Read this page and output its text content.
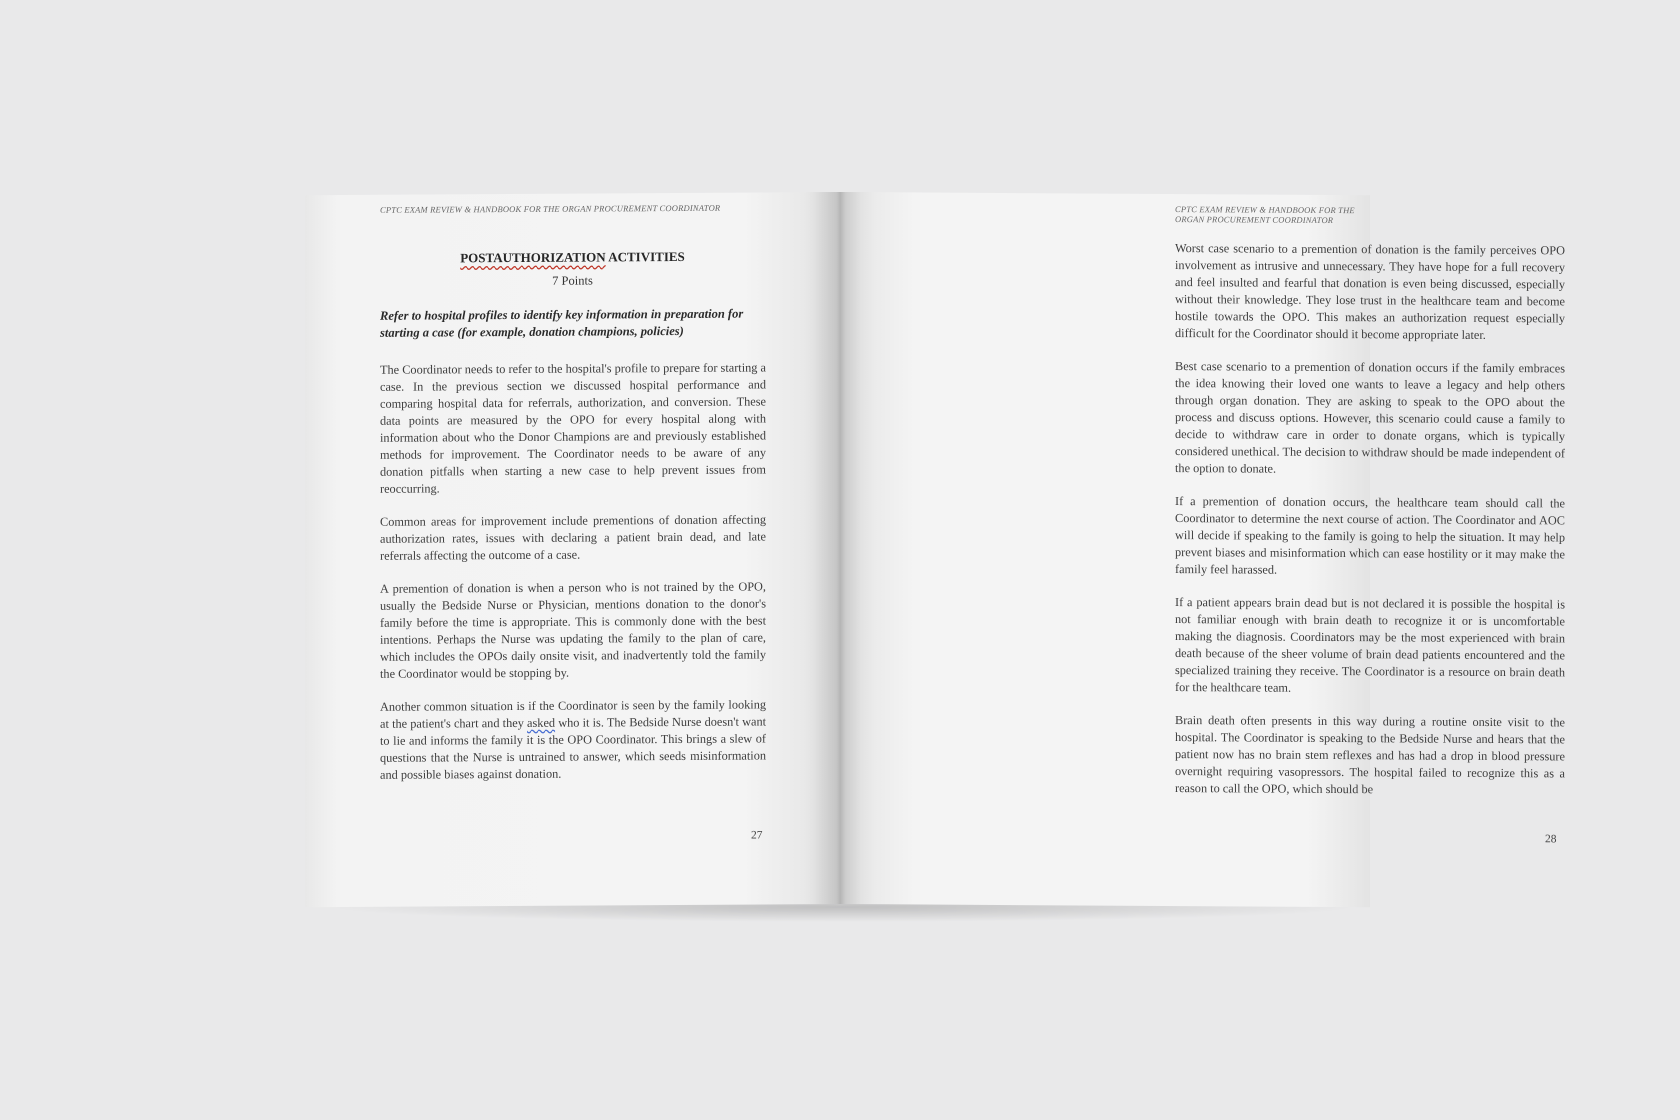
CPTC EXAM REVIEW & HANDBOOK FOR THE ORGAN PROCUREMENT COORDINATOR
POSTAUTHORIZATION ACTIVITIES
7 Points

Refer to hospital profiles to identify key information in preparation for starting a case (for example, donation champions, policies)

The Coordinator needs to refer to the hospital's profile to prepare for starting a case. In the previous section we discussed hospital performance and comparing hospital data for referrals, authorization, and conversion. These data points are measured by the OPO for every hospital along with information about who the Donor Champions are and previously established methods for improvement. The Coordinator needs to be aware of any donation pitfalls when starting a new case to help prevent issues from reoccurring.

Common areas for improvement include prementions of donation affecting authorization rates, issues with declaring a patient brain dead, and late referrals affecting the outcome of a case.

A premention of donation is when a person who is not trained by the OPO, usually the Bedside Nurse or Physician, mentions donation to the donor's family before the time is appropriate. This is commonly done with the best intentions. Perhaps the Nurse was updating the family to the plan of care, which includes the OPOs daily onsite visit, and inadvertently told the family the Coordinator would be stopping by.

Another common situation is if the Coordinator is seen by the family looking at the patient's chart and they asked who it is. The Bedside Nurse doesn't want to lie and informs the family it is the OPO Coordinator. This brings a slew of questions that the Nurse is untrained to answer, which seeds misinformation and possible biases against donation.

27
CPTC EXAM REVIEW & HANDBOOK FOR THE ORGAN PROCUREMENT COORDINATOR

Worst case scenario to a premention of donation is the family perceives OPO involvement as intrusive and unnecessary. They have hope for a full recovery and feel insulted and fearful that donation is even being discussed, especially without their knowledge. They lose trust in the healthcare team and become hostile towards the OPO. This makes an authorization request especially difficult for the Coordinator should it become appropriate later.

Best case scenario to a premention of donation occurs if the family embraces the idea knowing their loved one wants to leave a legacy and help others through organ donation. They are asking to speak to the OPO about the process and discuss options. However, this scenario could cause a family to decide to withdraw care in order to donate organs, which is typically considered unethical. The decision to withdraw should be made independent of the option to donate.

If a premention of donation occurs, the healthcare team should call the Coordinator to determine the next course of action. The Coordinator and AOC will decide if speaking to the family is going to help the situation. It may help prevent biases and misinformation which can ease hostility or it may make the family feel harassed.

If a patient appears brain dead but is not declared it is possible the hospital is not familiar enough with brain death to recognize it or is uncomfortable making the diagnosis. Coordinators may be the most experienced with brain death because of the sheer volume of brain dead patients encountered and the specialized training they receive. The Coordinator is a resource on brain death for the healthcare team.

Brain death often presents in this way during a routine onsite visit to the hospital. The Coordinator is speaking to the Bedside Nurse and hears that the patient now has no brain stem reflexes and has had a drop in blood pressure overnight requiring vasopressors. The hospital failed to recognize this as a reason to call the OPO, which should be

28
